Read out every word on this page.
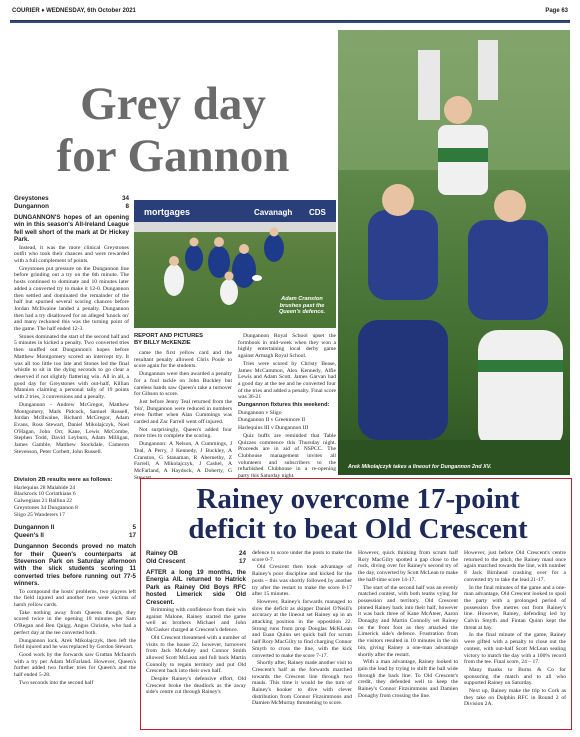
COURIER ♦ WEDNESDAY, 6th October 2021	Page 63
Grey day
for Gannon
Greystones	34
Dungannon	8

DUNGANNON'S hopes of an opening win in this season's All-Ireland League fell well short of the mark at Dr Hickey Park.

Instead, it was the more clinical Greystones outfit who took their chances and were rewarded with a full complement of points.

Greystones put pressure on the Dungannon line before grinding out a try on the 6th minute. The hosts continued to dominate and 10 minutes later added a converted try to make it 12-0. Dungannon then settled and dominated the remainder of the half but spurned several scoring chances before Jordan McIlwaine landed a penalty. Dungannon then had a try disallowed for an alleged 'knock on' and many reckoned this was the turning point of the game. The half ended 12-3.

Stones dominated the start of the second half and 5 minutes in kicked a penalty. Two converted tries then snuffed out Dungannon's hopes before Matthew Montgomery scored an intercept try. It was all too little too late and Stones led the final whistle to sit in the dying seconds to go clear a deserved if not slightly flattering win. All in all, a good day for Greystones with out-half, Killian Mannion claiming a personal tally of 19 points with 2 tries, 3 conversions and a penalty.

Dungannon - Andrew McGregor, Matthew Montgomery, Mark Pidcock, Samuel Russell, Jordan McIlwaine, Richard McGregor, Adam Evans, Ross Stewart, Daniel Mikolajczyk, Noel O'Hagan, John Orr, Kane, Lewis McCombe, Stephen Todd, David Leyburn, Adam Milligan, James Gamble, Matthew Stockdale, Cameron Stevenson, Peter Corbett, John Russell.

Division 2B results were as follows:

Harlequins 28 Malahide 24
Blackrock 10 Corinthians 6
Galwegians 21 Ballina 22
Greystones 34 Dungannon 8
Sligo 25 Wanderers 17
Dungannon II	5
Queen's II	17

Dungannon Seconds proved no match for their Queen's counterparts at Stevenson Park on Saturday afternoon with the slick students scoring 11 converted tries before running out 77-5 winners.

To compound the hosts' problems, two players left the field injured and another two were victims of harsh yellow cards.

Take nothing away from Queens though, they scored twice in the opening 10 minutes per Sam O'Regan and Ben Quigg. Angus Christie, who had a perfect day at the tee converted both.

Dungannon lock, Arek Mikolajczyk, then left the field injured and he was replaced by Gordon Stewart.

Good work by the forwards saw Grattan McInarch with a try per Adam McFarland. However, Queen's further added two further tries for Queen's and the half ended 5-28.

Two seconds into the second half

mortgages	Cavanagh CDS
Adam Cranston brushes past the Queen's defence.
REPORT AND PICTURES
BY BILLY McKENZIE

came the first yellow card and the resultant penalty allowed Chris Poole to score again for the students.

Dungannon were then awarded a penalty for a foul tackle on John Buckley but careless hands saw Queen's take a turnover for Gibson to score.

Just before Jenny Teal returned from the 'bin', Dungannon were reduced in numbers even further when Alan Cummings was carded and Zac Farrell went off injured.

Not surprisingly, Queen's added four more tries to complete the scoring.

Dungannon: A Nelson, A Cummings, J Teal, A Perry, J Kennedy, J Buckley, A Cranston, G Stanaman, R Abernethy, Z Farrell, A Mikolajczyk, J Cashel, A McFarland, A Haydock, A Doherty, G Stewart.

Dungannon Royal School upset the formbook in mid-week when they won a highly entertaining local derby game against Armagh Royal School.

Tries were scored by Christy Bease, James McCammon, Alex Kennedy, Alfie Lewis and Adam Scott. James Garvan had a good day at the tee and he converted four of the tries and added a penalty. Final score was 36-21

Dungannon fixtures this weekend:

Dungannon v Sligo

Dungannon II v Greenmore II

Harlequins III v Dungannon III

Quiz buffs are reminded that Table Quizzes commence this Thursday night. Proceeds are in aid of NSPCC. The Clubhouse management invites all volunteers and subscribers to the refurbished Clubhouse in a re-opening party this Saturday night.

Arek Mikolajczyk takes a lineout for Dungannon 2nd XV.
Rainey overcome 17-point
deficit to beat Old Crescent
Rainey OB	24
Old Crescent	17

AFTER a long 19 months, the Energia AIL returned to Hatrick Park as Rainey Old Boys RFC hosted Limerick side Old Crescent.

Brimming with confidence from their win against Malone, Rainey started the game well as brothers Michael and John McCusker charged at Crescent's defence.

Old Crescent threatened with a number of visits to the house 22, however, turnovers from Jack McAuley and Connor Smith allowed Scott McLean and full back Martin Connolly to regain territory and put Old Crescent back into their own half.

Despite Rainey's defensive effort, Old Crescent broke the deadlock as the away side's centre cut through Rainey's

defence to score under the posts to make the score 0-7.

Old Crescent then took advantage of Rainey's poor discipline and kicked for the posts – this was shortly followed by another try after the restart to make the score 0-17 after 15 minutes.

However, Rainey's forwards managed to slow the deficit as skipper Daniel O'Neill's accuracy at the lineout set Rainey up in an attacking position in the opposition 22. Strong runs from prop Douglas McKLean and Euan Quinn set quick ball for scrum half Rory MacGilry to find charging Connor Smyth to cross the line, with the kick converted to make the score 7-17.

Shortly after, Rainey made another visit to Crescent's half as the forwards marched towards the Crescent line through two mauls. This time it would be the turn of Rainey's hooker to dive with clever distribution from Connor Fitzsimmons and Damien McMurray threatening to score.

However, quick thinking from scrum half Rory MacGilry spotted a gap close to the ruck, diving over for Rainey's second try of the day, converted by Scott McLean to make the half-time score 14-17.

The start of the second half was an evenly matched contest, with both teams vying for possession and territory. Old Crescent pinned Rainey back into their half, however it was back three of Kane McAteer, Aaron Donaghy and Martin Connolly set Rainey on the front foot as they attacked the Limerick side's defence. Frustration from the visitors resulted in 10 minutes in the sin bin, giving Rainey a one-man advantage shortly after the restart.

With a man advantage, Rainey looked to gain the lead by trying to shift the ball wide through the back line. To Old Crescent's credit, they defended well to keep the Rainey's Connor Fitzsimmons and Damien Donaghy from crossing the line.

However, just before Old Crescent's centre returned to the pitch, the Rainey maul once again marched towards the line, with number 8 Jack Birnhead crashing over for a converted try to take the lead 21-17.

In the final minutes of the game and a one-man advantage, Old Crescent looked to spoil the party with a prolonged period of possession five metres out from Rainey's line. However, Rainey, defending led by Calvin Smyth and Fintan Quinn kept the threat at bay.

In the final minute of the game, Rainey were gifted with a penalty to close out the contest, with out-half Scott McLean sealing victory to match the day with a 100% record from the tee. Final score, 24 – 17.

Many thanks to Burns & Co for sponsoring the match and to all who supported Rainey on Saturday.

Next up, Rainey make the trip to Cork as they take on Dolphin RFC in Round 2 of Division 2A.
